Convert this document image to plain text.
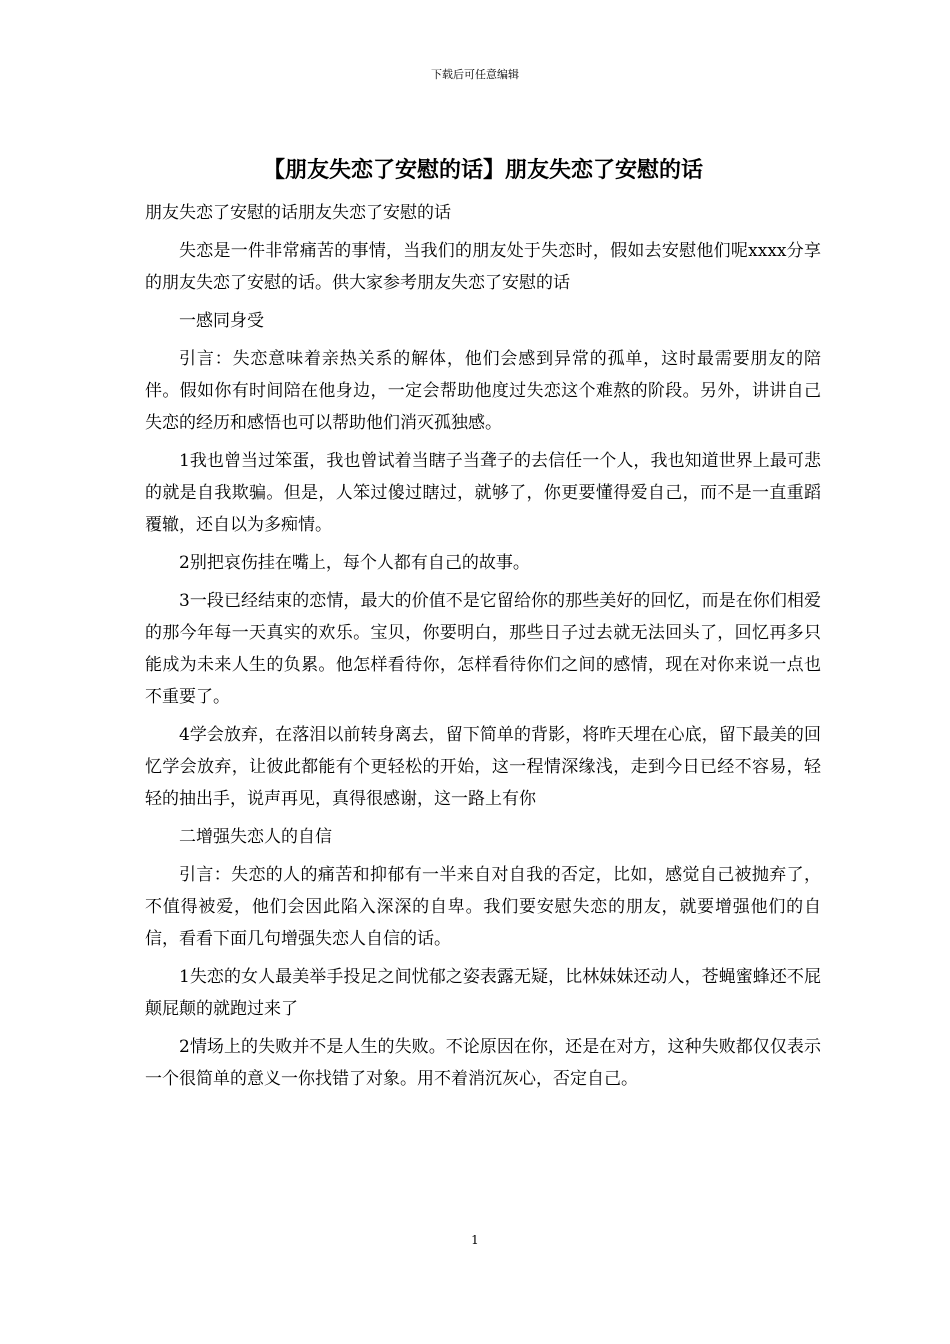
下载后可任意编辑
【朋友失恋了安慰的话】朋友失恋了安慰的话

朋友失恋了安慰的话朋友失恋了安慰的话

失恋是一件非常痛苦的事情，当我们的朋友处于失恋时，假如去安慰他们呢xxxx分享的朋友失恋了安慰的话。供大家参考朋友失恋了安慰的话

一感同身受

引言：失恋意味着亲热关系的解体，他们会感到异常的孤单，这时最需要朋友的陪伴。假如你有时间陪在他身边，一定会帮助他度过失恋这个难熬的阶段。另外，讲讲自己失恋的经历和感悟也可以帮助他们消灭孤独感。

1我也曾当过笨蛋，我也曾试着当瞎子当聋子的去信任一个人，我也知道世界上最可悲的就是自我欺骗。但是，人笨过傻过瞎过，就够了，你更要懂得爱自己，而不是一直重蹈覆辙，还自以为多痴情。

2别把哀伤挂在嘴上，每个人都有自己的故事。

3一段已经结束的恋情，最大的价值不是它留给你的那些美好的回忆，而是在你们相爱的那今年每一天真实的欢乐。宝贝，你要明白，那些日子过去就无法回头了，回忆再多只能成为未来人生的负累。他怎样看待你，怎样看待你们之间的感情，现在对你来说一点也不重要了。

4学会放弃，在落泪以前转身离去，留下简单的背影，将昨天埋在心底，留下最美的回忆学会放弃，让彼此都能有个更轻松的开始，这一程情深缘浅，走到今日已经不容易，轻轻的抽出手，说声再见，真得很感谢，这一路上有你

二增强失恋人的自信

引言：失恋的人的痛苦和抑郁有一半来自对自我的否定，比如，感觉自己被抛弃了，不值得被爱，他们会因此陷入深深的自卑。我们要安慰失恋的朋友，就要增强他们的自信，看看下面几句增强失恋人自信的话。

1失恋的女人最美举手投足之间忧郁之姿表露无疑，比林妹妹还动人，苍蝇蜜蜂还不屁颠屁颠的就跑过来了

2情场上的失败并不是人生的失败。不论原因在你，还是在对方，这种失败都仅仅表示一个很简单的意义一你找错了对象。用不着消沉灰心，否定自己。

1
